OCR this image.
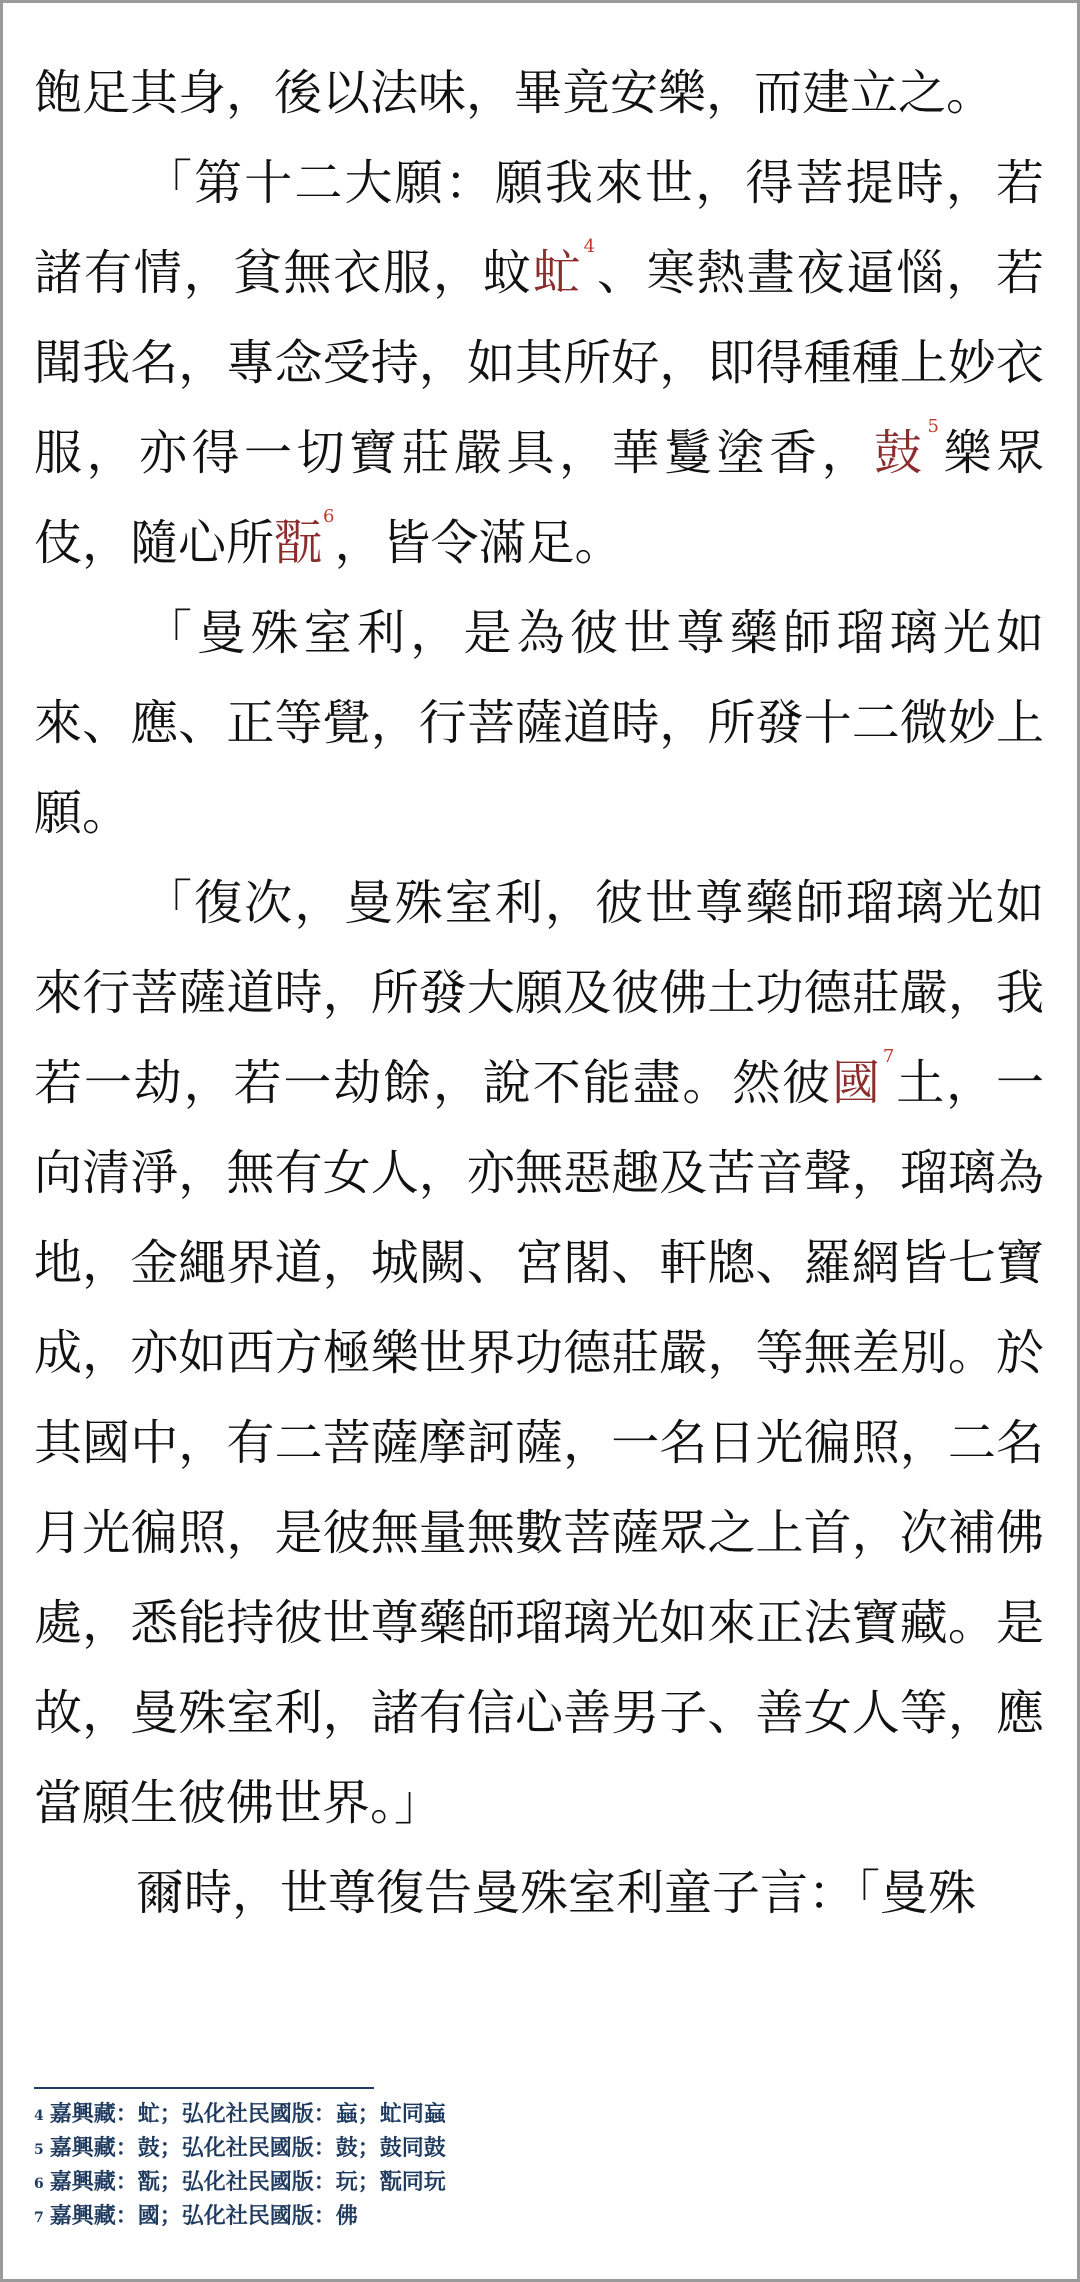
飽足其身，後以法味，畢竟安樂，而建立之。

「第十二大願：願我來世，得菩提時，若諸有情，貧無衣服，蚊虻$^4$、寒熱晝夜逼惱，若聞我名，專念受持，如其所好，即得種種上妙衣服，亦得一切寶莊嚴具，華鬘塗香，鼓$^5$樂眾伎，隨心所翫$^6$，皆令滿足。

「曼殊室利，是為彼世尊藥師瑠璃光如來、應、正等覺，行菩薩道時，所發十二微妙上願。

「復次，曼殊室利，彼世尊藥師瑠璃光如來行菩薩道時，所發大願及彼佛土功德莊嚴，我若一劫，若一劫餘，說不能盡。然彼國$^7$土，一向清淨，無有女人，亦無惡趣及苦音聲，瑠璃為地，金繩界道，城闕、宮閣、軒牕、羅網皆七寶成，亦如西方極樂世界功德莊嚴，等無差別。於其國中，有二菩薩摩訶薩，一名日光徧照，二名月光徧照，是彼無量無數菩薩眾之上首，次補佛處，悉能持彼世尊藥師瑠璃光如來正法寶藏。是故，曼殊室利，諸有信心善男子、善女人等，應當願生彼佛世界。」

爾時，世尊復告曼殊室利童子言：「曼殊

$^4$ 嘉興藏：虻；弘化社民國版：蝱；虻同蝱
$^5$ 嘉興藏：鼓；弘化社民國版：鼓；鼓同鼓
$^6$ 嘉興藏：翫；弘化社民國版：玩；翫同玩
$^7$ 嘉興藏：國；弘化社民國版：佛
